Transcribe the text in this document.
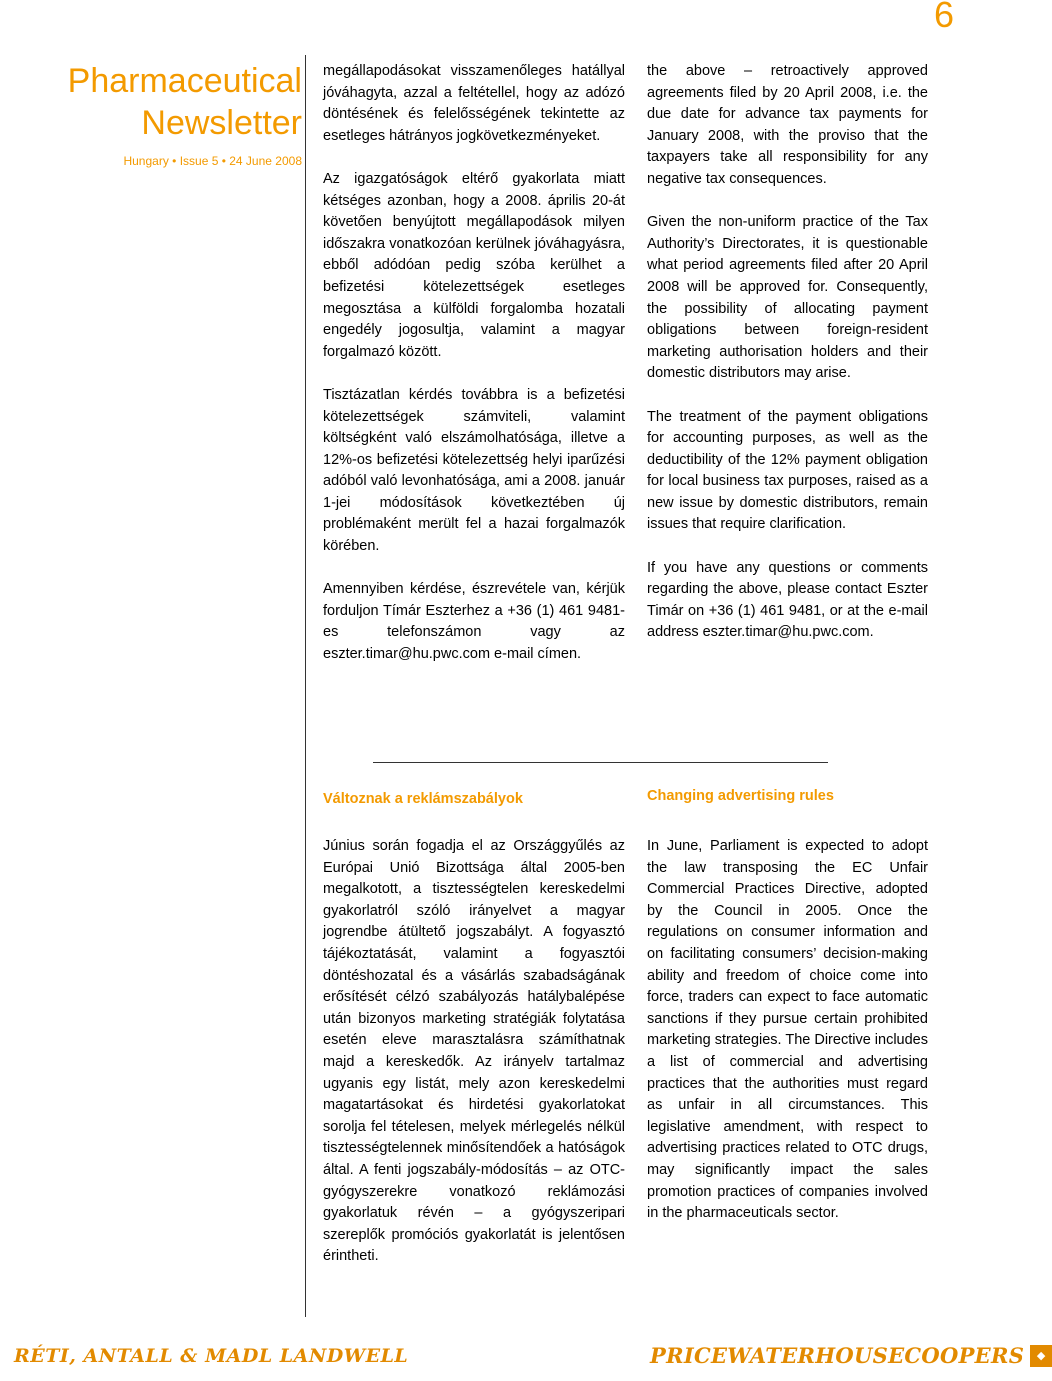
6
Pharmaceutical
Newsletter
Hungary • Issue 5 • 24 June 2008

megállapodásokat visszamenőleges hatállyal jóváhagyta, azzal a feltétellel, hogy az adózó döntésének és felelősségének tekintette az esetleges hátrányos jogkövetkezményeket.

Az igazgatóságok eltérő gyakorlata miatt kétséges azonban, hogy a 2008. április 20-át követően benyújtott megállapodások milyen időszakra vonatkozóan kerülnek jóváhagyásra, ebből adódóan pedig szóba kerülhet a befizetési kötelezettségek esetleges megosztása a külföldi forgalomba hozatali engedély jogosultja, valamint a magyar forgalmazó között.

Tisztázatlan kérdés továbbra is a befizetési kötelezettségek számviteli, valamint költségként való elszámolhatósága, illetve a 12%-os befizetési kötelezettség helyi iparűzési adóból való levonhatósága, ami a 2008. január 1-jei módosítások következtében új problémaként merült fel a hazai forgalmazók körében.

Amennyiben kérdése, észrevétele van, kérjük forduljon Tímár Eszterhez a +36 (1) 461 9481-es telefonszámon vagy az eszter.timar@hu.pwc.com e-mail címen.

the above – retroactively approved agreements filed by 20 April 2008, i.e. the due date for advance tax payments for January 2008, with the proviso that the taxpayers take all responsibility for any negative tax consequences.

Given the non-uniform practice of the Tax Authority’s Directorates, it is questionable what period agreements filed after 20 April 2008 will be approved for. Consequently, the possibility of allocating payment obligations between foreign-resident marketing authorisation holders and their domestic distributors may arise.

The treatment of the payment obligations for accounting purposes, as well as the deductibility of the 12% payment obligation for local business tax purposes, raised as a new issue by domestic distributors, remain issues that require clarification.

If you have any questions or comments regarding the above, please contact Eszter Timár on +36 (1) 461 9481, or at the e-mail address eszter.timar@hu.pwc.com.

Változnak a reklámszabályok	Changing advertising rules

Június során fogadja el az Országgyűlés az Európai Unió Bizottsága által 2005-ben megalkotott, a tisztességtelen kereskedelmi gyakorlatról szóló irányelvet a magyar jogrendbe átültető jogszabályt. A fogyasztó tájékoztatását, valamint a fogyasztói döntéshozatal és a vásárlás szabadságának erősítését célzó szabályozás hatálybalépése után bizonyos marketing stratégiák folytatása esetén eleve marasztalásra számíthatnak majd a kereskedők. Az irányelv tartalmaz ugyanis egy listát, mely azon kereskedelmi magatartásokat és hirdetési gyakorlatokat sorolja fel tételesen, melyek mérlegelés nélkül tisztességtelennek minősítendőek a hatóságok által. A fenti jogszabály-módosítás – az OTC-gyógyszerekre vonatkozó reklámozási gyakorlatuk révén – a gyógyszeripari szereplők promóciós gyakorlatát is jelentősen érintheti.

In June, Parliament is expected to adopt the law transposing the EC Unfair Commercial Practices Directive, adopted by the Council in 2005. Once the regulations on consumer information and on facilitating consumers’ decision-making ability and freedom of choice come into force, traders can expect to face automatic sanctions if they pursue certain prohibited marketing strategies. The Directive includes a list of commercial and advertising practices that the authorities must regard as unfair in all circumstances. This legislative amendment, with respect to advertising practices related to OTC drugs, may significantly impact the sales promotion practices of companies involved in the pharmaceuticals sector.

RÉTI, ANTALL & MADL LANDWELL	PRICEWATERHOUSECOOPERS	◆
